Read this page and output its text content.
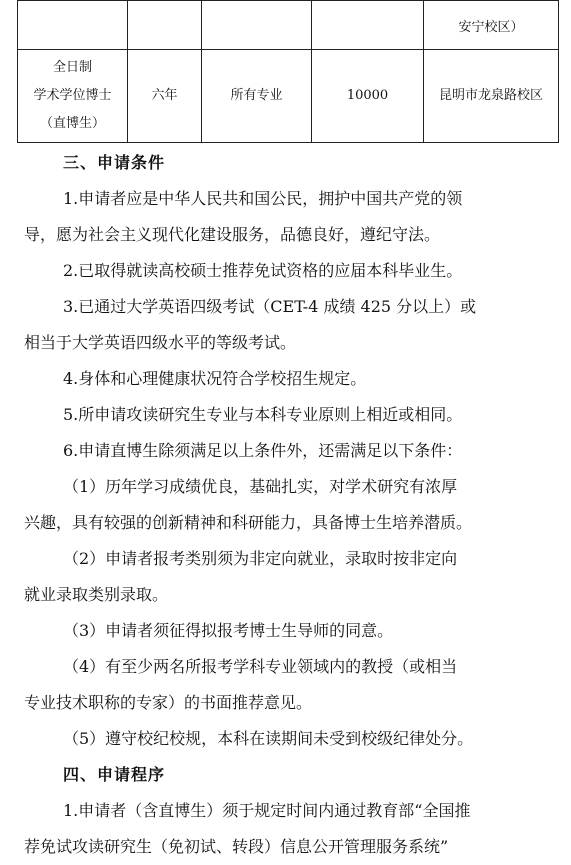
				安宁校区）

全日制
学术学位博士
（直博生）	六年	所有专业	10000	昆明市龙泉路校区
三、申请条件
1.申请者应是中华人民共和国公民，拥护中国共产党的领
导，愿为社会主义现代化建设服务，品德良好，遵纪守法。
2.已取得就读高校硕士推荐免试资格的应届本科毕业生。
3.已通过大学英语四级考试（CET-4 成绩 425 分以上）或
相当于大学英语四级水平的等级考试。
4.身体和心理健康状况符合学校招生规定。
5.所申请攻读研究生专业与本科专业原则上相近或相同。
6.申请直博生除须满足以上条件外，还需满足以下条件：
（1）历年学习成绩优良，基础扎实，对学术研究有浓厚
兴趣，具有较强的创新精神和科研能力，具备博士生培养潜质。
（2）申请者报考类别须为非定向就业，录取时按非定向
就业录取类别录取。
（3）申请者须征得拟报考博士生导师的同意。
（4）有至少两名所报考学科专业领域内的教授（或相当
专业技术职称的专家）的书面推荐意见。
（5）遵守校纪校规，本科在读期间未受到校级纪律处分。
四、申请程序
1.申请者（含直博生）须于规定时间内通过教育部“全国推
荐免试攻读研究生（免初试、转段）信息公开管理服务系统”
